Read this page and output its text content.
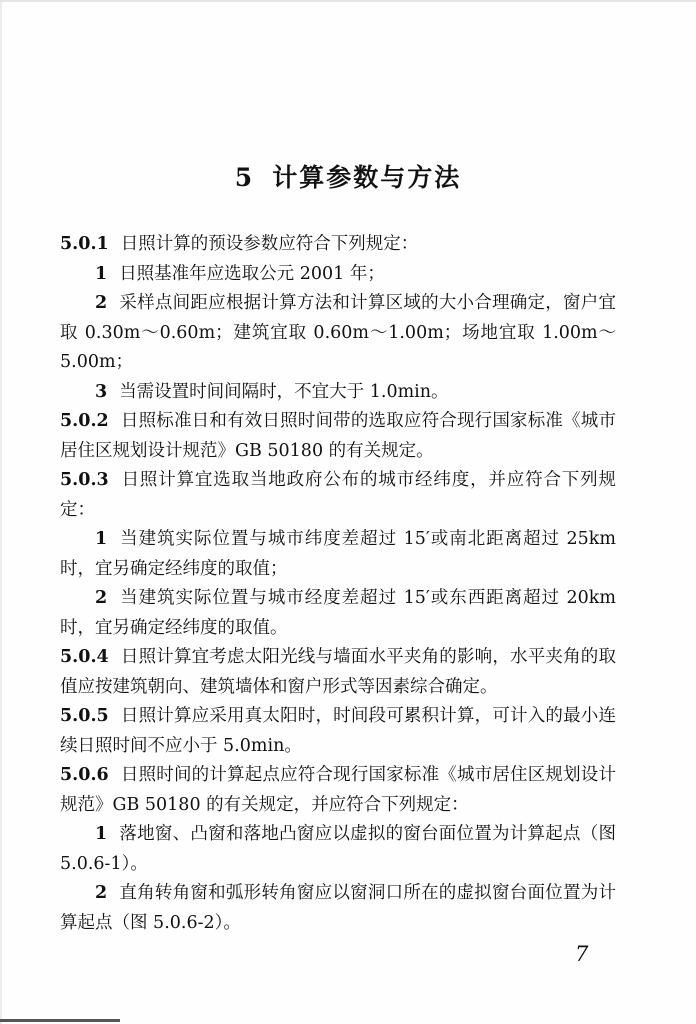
5 计算参数与方法

5.0.1 日照计算的预设参数应符合下列规定：

1 日照基准年应选取公元 2001 年；

2 采样点间距应根据计算方法和计算区域的大小合理确定，窗户宜取 0.30m～0.60m；建筑宜取 0.60m～1.00m；场地宜取 1.00m～5.00m；

3 当需设置时间间隔时，不宜大于 1.0min。

5.0.2 日照标准日和有效日照时间带的选取应符合现行国家标准《城市居住区规划设计规范》GB 50180 的有关规定。

5.0.3 日照计算宜选取当地政府公布的城市经纬度，并应符合下列规定：

1 当建筑实际位置与城市纬度差超过 15′或南北距离超过 25km 时，宜另确定经纬度的取值；

2 当建筑实际位置与城市经度差超过 15′或东西距离超过 20km 时，宜另确定经纬度的取值。

5.0.4 日照计算宜考虑太阳光线与墙面水平夹角的影响，水平夹角的取值应按建筑朝向、建筑墙体和窗户形式等因素综合确定。

5.0.5 日照计算应采用真太阳时，时间段可累积计算，可计入的最小连续日照时间不应小于 5.0min。

5.0.6 日照时间的计算起点应符合现行国家标准《城市居住区规划设计规范》GB 50180 的有关规定，并应符合下列规定：

1 落地窗、凸窗和落地凸窗应以虚拟的窗台面位置为计算起点（图 5.0.6-1）。

2 直角转角窗和弧形转角窗应以窗洞口所在的虚拟窗台面位置为计算起点（图 5.0.6-2）。

7
